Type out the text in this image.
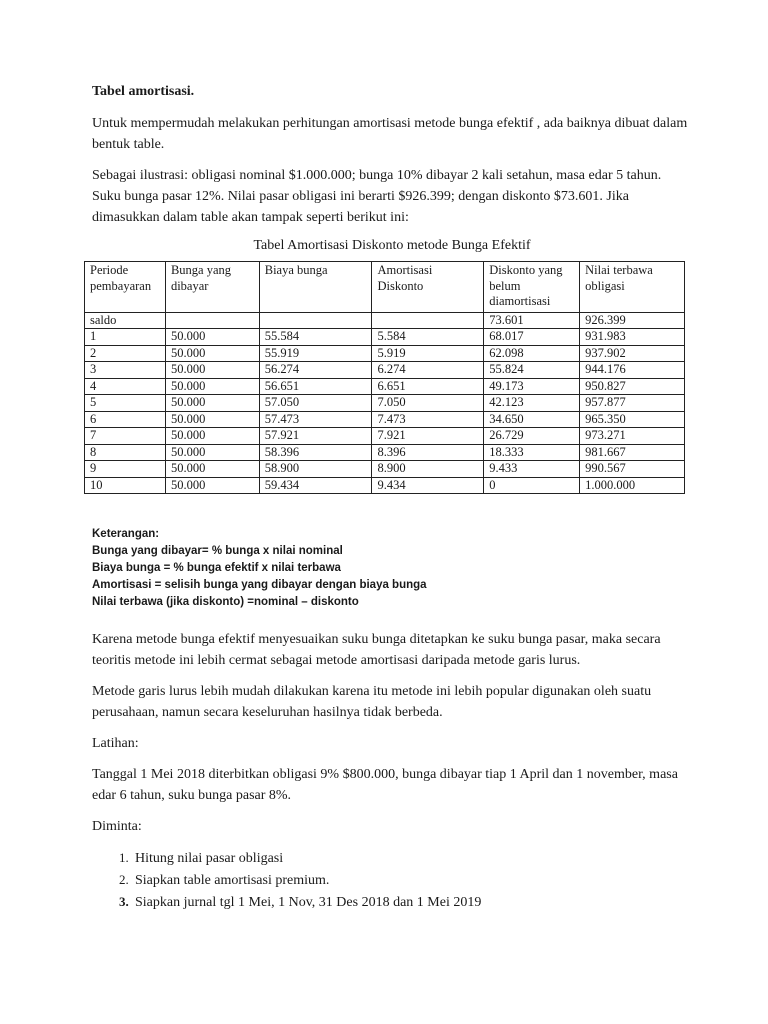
Tabel amortisasi.

Untuk mempermudah melakukan perhitungan amortisasi metode bunga efektif , ada baiknya dibuat dalam bentuk table.

Sebagai ilustrasi: obligasi nominal $1.000.000; bunga 10% dibayar 2 kali setahun, masa edar 5 tahun. Suku bunga pasar 12%. Nilai pasar obligasi ini berarti $926.399; dengan diskonto $73.601. Jika dimasukkan dalam table akan tampak seperti berikut ini:

Tabel Amortisasi Diskonto metode Bunga Efektif
Periode pembayaran	Bunga yang dibayar	Biaya bunga	Amortisasi Diskonto	Diskonto yang belum diamortisasi	Nilai terbawa obligasi
saldo				73.601	926.399
1	50.000	55.584	5.584	68.017	931.983
2	50.000	55.919	5.919	62.098	937.902
3	50.000	56.274	6.274	55.824	944.176
4	50.000	56.651	6.651	49.173	950.827
5	50.000	57.050	7.050	42.123	957.877
6	50.000	57.473	7.473	34.650	965.350
7	50.000	57.921	7.921	26.729	973.271
8	50.000	58.396	8.396	18.333	981.667
9	50.000	58.900	8.900	9.433	990.567
10	50.000	59.434	9.434	0	1.000.000
Keterangan:
Bunga yang dibayar= % bunga x nilai nominal
Biaya bunga = % bunga efektif x nilai terbawa
Amortisasi = selisih bunga yang dibayar dengan biaya bunga
Nilai terbawa (jika diskonto) =nominal – diskonto

Karena metode bunga efektif menyesuaikan suku bunga ditetapkan ke suku bunga pasar, maka secara teoritis metode ini lebih cermat sebagai metode amortisasi daripada metode garis lurus.

Metode garis lurus lebih mudah dilakukan karena itu metode ini lebih popular digunakan oleh suatu perusahaan, namun secara keseluruhan hasilnya tidak berbeda.

Latihan:

Tanggal 1 Mei 2018 diterbitkan obligasi 9% $800.000, bunga dibayar tiap 1 April dan 1 november, masa edar 6 tahun, suku bunga pasar 8%.

Diminta:

1. Hitung nilai pasar obligasi
2. Siapkan table amortisasi premium.
3. Siapkan jurnal tgl 1 Mei, 1 Nov, 31 Des 2018 dan 1 Mei 2019
